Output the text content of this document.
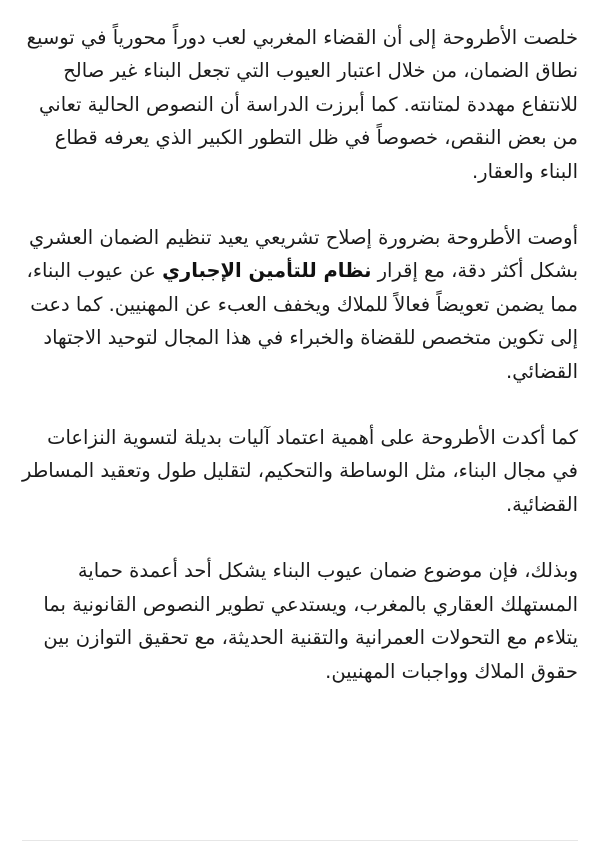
خلصت الأطروحة إلى أن القضاء المغربي لعب دوراً محورياً في توسيع نطاق الضمان، من خلال اعتبار العيوب التي تجعل البناء غير صالح للانتفاع مهددة لمتانته. كما أبرزت الدراسة أن النصوص الحالية تعاني من بعض النقص، خصوصاً في ظل التطور الكبير الذي يعرفه قطاع البناء والعقار.

أوصت الأطروحة بضرورة إصلاح تشريعي يعيد تنظيم الضمان العشري بشكل أكثر دقة، مع إقرار نظام للتأمين الإجباري عن عيوب البناء، مما يضمن تعويضاً فعالاً للملاك ويخفف العبء عن المهنيين. كما دعت إلى تكوين متخصص للقضاة والخبراء في هذا المجال لتوحيد الاجتهاد القضائي.

كما أكدت الأطروحة على أهمية اعتماد آليات بديلة لتسوية النزاعات في مجال البناء، مثل الوساطة والتحكيم، لتقليل طول وتعقيد المساطر القضائية.

وبذلك، فإن موضوع ضمان عيوب البناء يشكل أحد أعمدة حماية المستهلك العقاري بالمغرب، ويستدعي تطوير النصوص القانونية بما يتلاءم مع التحولات العمرانية والتقنية الحديثة، مع تحقيق التوازن بين حقوق الملاك وواجبات المهنيين.
